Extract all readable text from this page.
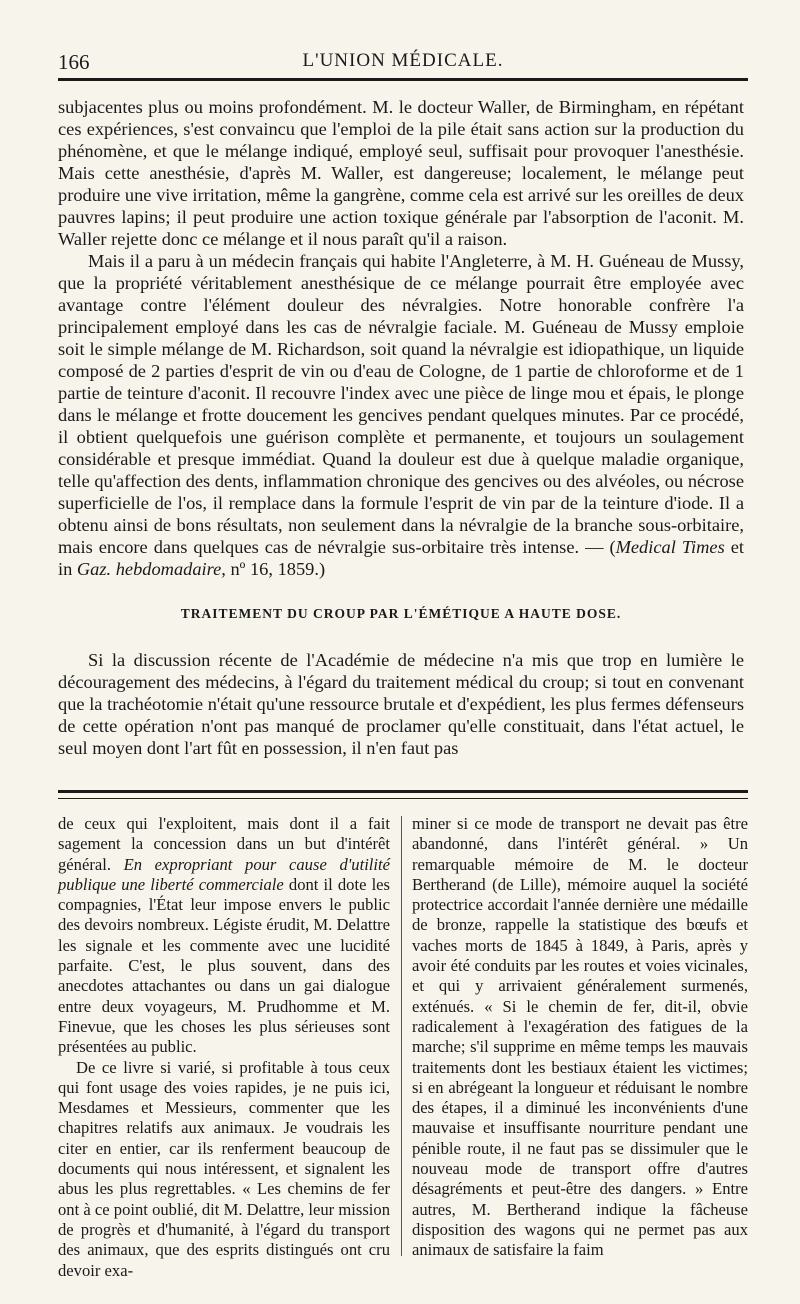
166	L'UNION MÉDICALE.

subjacentes plus ou moins profondément. M. le docteur Waller, de Birmingham, en répétant ces expériences, s'est convaincu que l'emploi de la pile était sans action sur la production du phénomène, et que le mélange indiqué, employé seul, suffisait pour provoquer l'anesthésie. Mais cette anesthésie, d'après M. Waller, est dangereuse; localement, le mélange peut produire une vive irritation, même la gangrène, comme cela est arrivé sur les oreilles de deux pauvres lapins; il peut produire une action toxique générale par l'absorption de l'aconit. M. Waller rejette donc ce mélange et il nous paraît qu'il a raison.

Mais il a paru à un médecin français qui habite l'Angleterre, à M. H. Guéneau de Mussy, que la propriété véritablement anesthésique de ce mélange pourrait être employée avec avantage contre l'élément douleur des névralgies. Notre honorable confrère l'a principalement employé dans les cas de névralgie faciale. M. Guéneau de Mussy emploie soit le simple mélange de M. Richardson, soit quand la névralgie est idiopathique, un liquide composé de 2 parties d'esprit de vin ou d'eau de Cologne, de 1 partie de chloroforme et de 1 partie de teinture d'aconit. Il recouvre l'index avec une pièce de linge mou et épais, le plonge dans le mélange et frotte doucement les gencives pendant quelques minutes. Par ce procédé, il obtient quelquefois une guérison complète et permanente, et toujours un soulagement considérable et presque immédiat. Quand la douleur est due à quelque maladie organique, telle qu'affection des dents, inflammation chronique des gencives ou des alvéoles, ou nécrose superficielle de l'os, il remplace dans la formule l'esprit de vin par de la teinture d'iode. Il a obtenu ainsi de bons résultats, non seulement dans la névralgie de la branche sous-orbitaire, mais encore dans quelques cas de névralgie sus-orbitaire très intense. — (Medical Times et in Gaz. hebdomadaire, nº 16, 1859.)

TRAITEMENT DU CROUP PAR L'ÉMÉTIQUE A HAUTE DOSE.

Si la discussion récente de l'Académie de médecine n'a mis que trop en lumière le découragement des médecins, à l'égard du traitement médical du croup; si tout en convenant que la trachéotomie n'était qu'une ressource brutale et d'expédient, les plus fermes défenseurs de cette opération n'ont pas manqué de proclamer qu'elle constituait, dans l'état actuel, le seul moyen dont l'art fût en possession, il n'en faut pas

de ceux qui l'exploitent, mais dont il a fait sagement la concession dans un but d'intérêt général. En expropriant pour cause d'utilité publique une liberté commerciale dont il dote les compagnies, l'État leur impose envers le public des devoirs nombreux. Légiste érudit, M. Delattre les signale et les commente avec une lucidité parfaite. C'est, le plus souvent, dans des anecdotes attachantes ou dans un gai dialogue entre deux voyageurs, M. Prudhomme et M. Finevue, que les choses les plus sérieuses sont présentées au public.

De ce livre si varié, si profitable à tous ceux qui font usage des voies rapides, je ne puis ici, Mesdames et Messieurs, commenter que les chapitres relatifs aux animaux. Je voudrais les citer en entier, car ils renferment beaucoup de documents qui nous intéressent, et signalent les abus les plus regrettables. « Les chemins de fer ont à ce point oublié, dit M. Delattre, leur mission de progrès et d'humanité, à l'égard du transport des animaux, que des esprits distingués ont cru devoir exa-

miner si ce mode de transport ne devait pas être abandonné, dans l'intérêt général. » Un remarquable mémoire de M. le docteur Bertherand (de Lille), mémoire auquel la société protectrice accordait l'année dernière une médaille de bronze, rappelle la statistique des bœufs et vaches morts de 1845 à 1849, à Paris, après y avoir été conduits par les routes et voies vicinales, et qui y arrivaient généralement surmenés, exténués. « Si le chemin de fer, dit-il, obvie radicalement à l'exagération des fatigues de la marche; s'il supprime en même temps les mauvais traitements dont les bestiaux étaient les victimes; si en abrégeant la longueur et réduisant le nombre des étapes, il a diminué les inconvénients d'une mauvaise et insuffisante nourriture pendant une pénible route, il ne faut pas se dissimuler que le nouveau mode de transport offre d'autres désagréments et peut-être des dangers. » Entre autres, M. Bertherand indique la fâcheuse disposition des wagons qui ne permet pas aux animaux de satisfaire la faim
